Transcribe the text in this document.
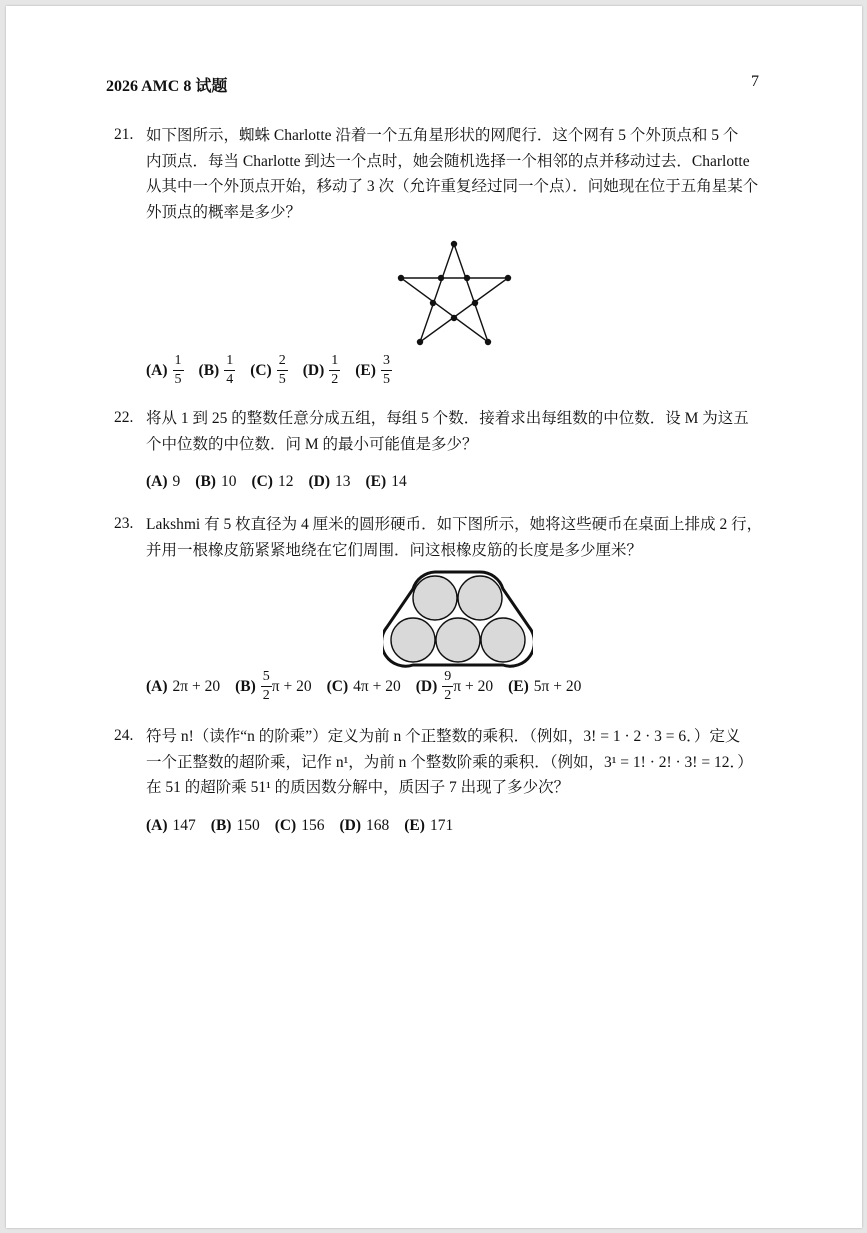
2026 AMC 8 试题	7
21. 如下图所示，蜘蛛 Charlotte 沿着一个五角星形状的网爬行．这个网有 5 个外顶点和 5 个
内顶点．每当 Charlotte 到达一个点时，她会随机选择一个相邻的点并移动过去．Charlotte
从其中一个外顶点开始，移动了 3 次（允许重复经过同一个点）．问她现在位于五角星某个
外顶点的概率是多少？
$(A) \frac{1}{5} (B) \frac{1}{4} (C) \frac{2}{5} (D) \frac{1}{2} (E) \frac{3}{5}$
22. 将从 1 到 25 的整数任意分成五组，每组 5 个数．接着求出每组数的中位数．设 M 为这五
个中位数的中位数．问 M 的最小可能值是多少？
(A) 9 (B) 10 (C) 12 (D) 13 (E) 14
23. Lakshmi 有 5 枚直径为 4 厘米的圆形硬币．如下图所示，她将这些硬币在桌面上排成 2 行，
并用一根橡皮筋紧紧地绕在它们周围．问这根橡皮筋的长度是多少厘米？
(A) 2π + 20 $(B) \frac{5}{2}$ π + 20 (C) 4π + 20 $(D) \frac{9}{2}$ π + 20 (E) 5π + 20
24. 符号 n!（读作“n 的阶乘”）定义为前 n 个正整数的乘积．（例如，3! = 1 · 2 · 3 = 6．）定义
一个正整数的超阶乘，记作 n¹，为前 n 个整数阶乘的乘积．（例如，3¹ = 1! · 2! · 3! = 12．）
在 51 的超阶乘 51¹ 的质因数分解中，质因子 7 出现了多少次？
(A) 147 (B) 150 (C) 156 (D) 168 (E) 171
